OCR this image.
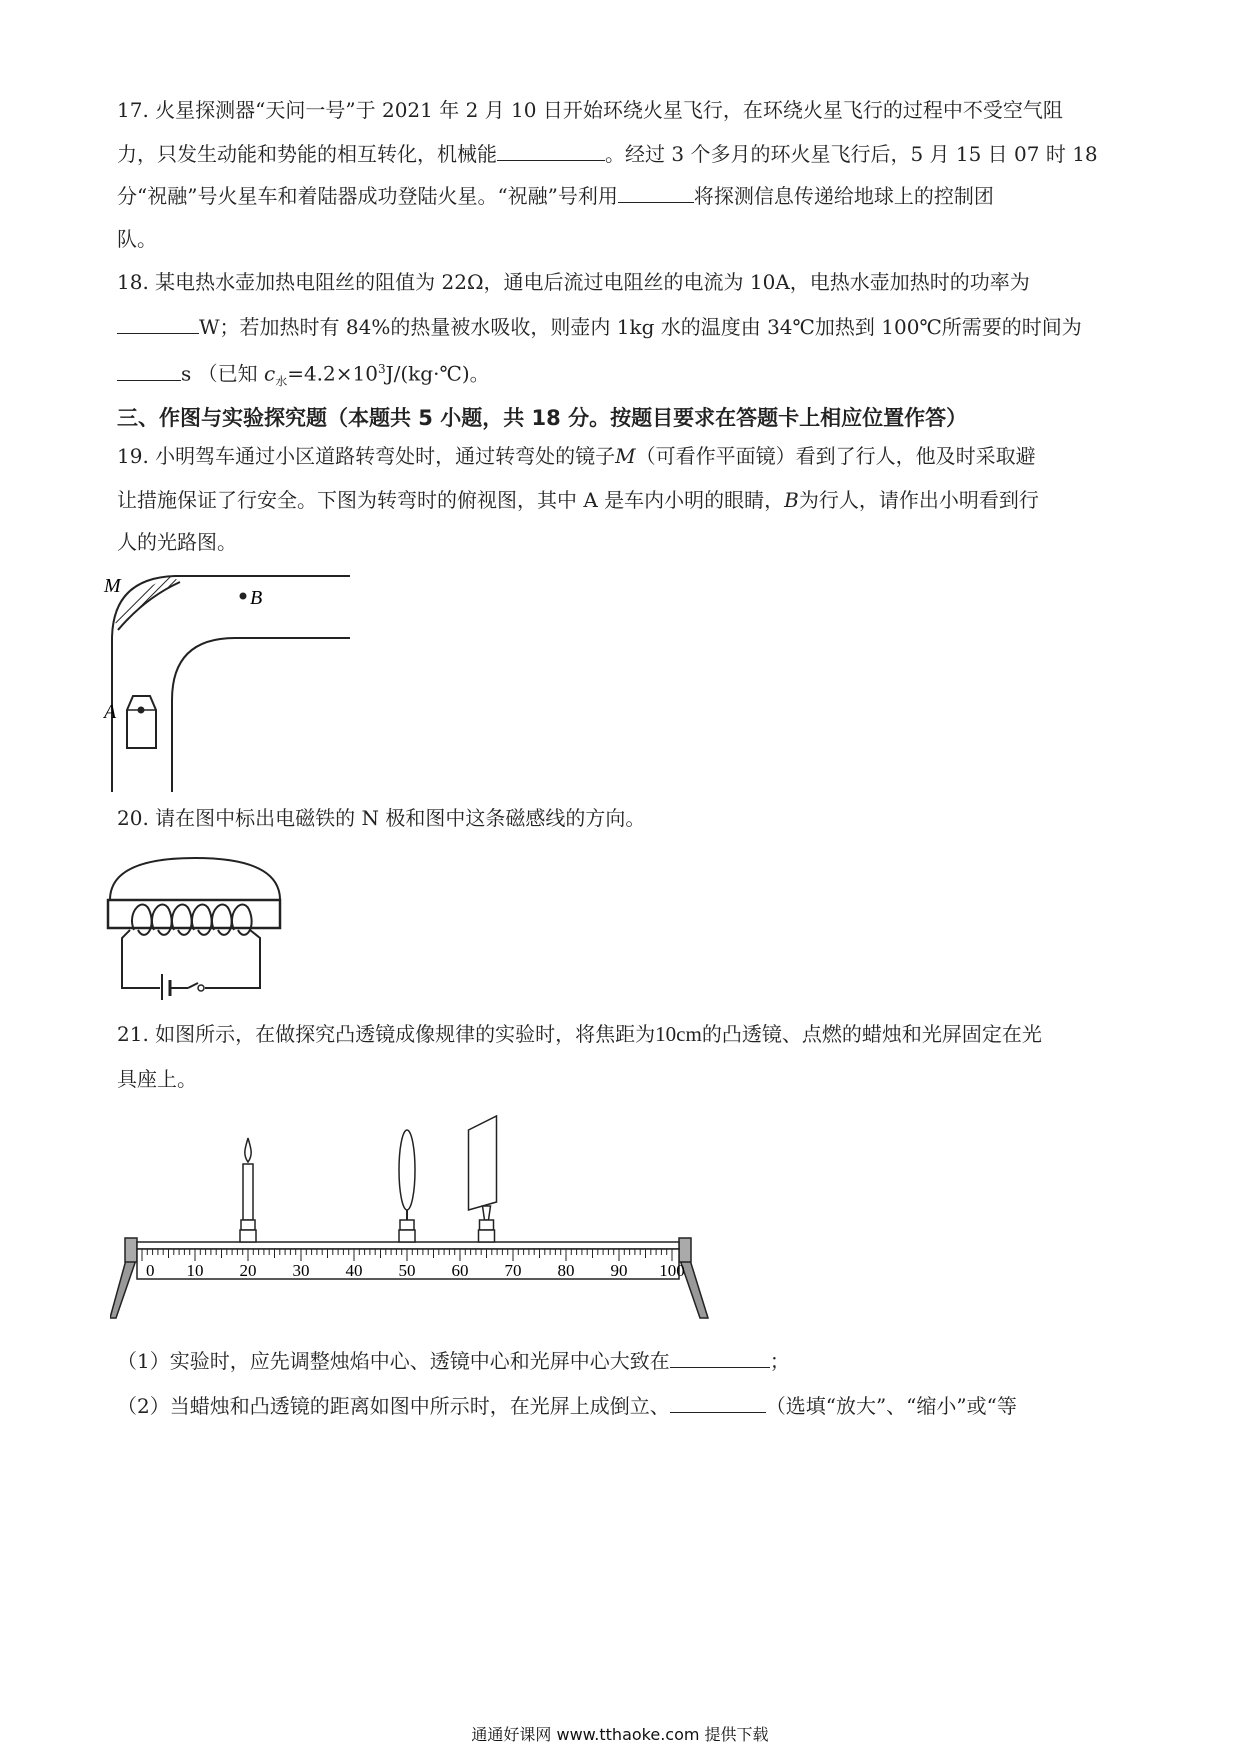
17. 火星探测器“天问一号”于 2021 年 2 月 10 日开始环绕火星飞行，在环绕火星飞行的过程中不受空气阻
力，只发生动能和势能的相互转化，机械能	。经过 3 个多月的环火星飞行后，5 月 15 日 07 时 18
分“祝融”号火星车和着陆器成功登陆火星。“祝融”号利用	将探测信息传递给地球上的控制团
队。
18. 某电热水壶加热电阻丝的阻值为 22Ω，通电后流过电阻丝的电流为 10A，电热水壶加热时的功率为
W；若加热时有 84%的热量被水吸收，则壶内 1kg 水的温度由 34℃加热到 100℃所需要的时间为
s （已知 $c_水=4.2\times 10^3J/(kg\cdot℃)$。
三、作图与实验探究题（本题共 5 小题，共 18 分。按题目要求在答题卡上相应位置作答）
19. 小明驾车通过小区道路转弯处时，通过转弯处的镜子M（可看作平面镜）看到了行人，他及时采取避
让措施保证了行安全。下图为转弯时的俯视图，其中 A 是车内小明的眼睛，B为行人，请作出小明看到行
人的光路图。
M
B
A
20. 请在图中标出电磁铁的 N 极和图中这条磁感线的方向。
21. 如图所示，在做探究凸透镜成像规律的实验时，将焦距为10cm的凸透镜、点燃的蜡烛和光屏固定在光
具座上。
0 10 20 30 40 50 60 70 80 90 100
（1）实验时，应先调整烛焰中心、透镜中心和光屏中心大致在	；
（2）当蜡烛和凸透镜的距离如图中所示时，在光屏上成倒立、	（选填“放大”、“缩小”或“等
通通好课网 www.tthaoke.com 提供下载
